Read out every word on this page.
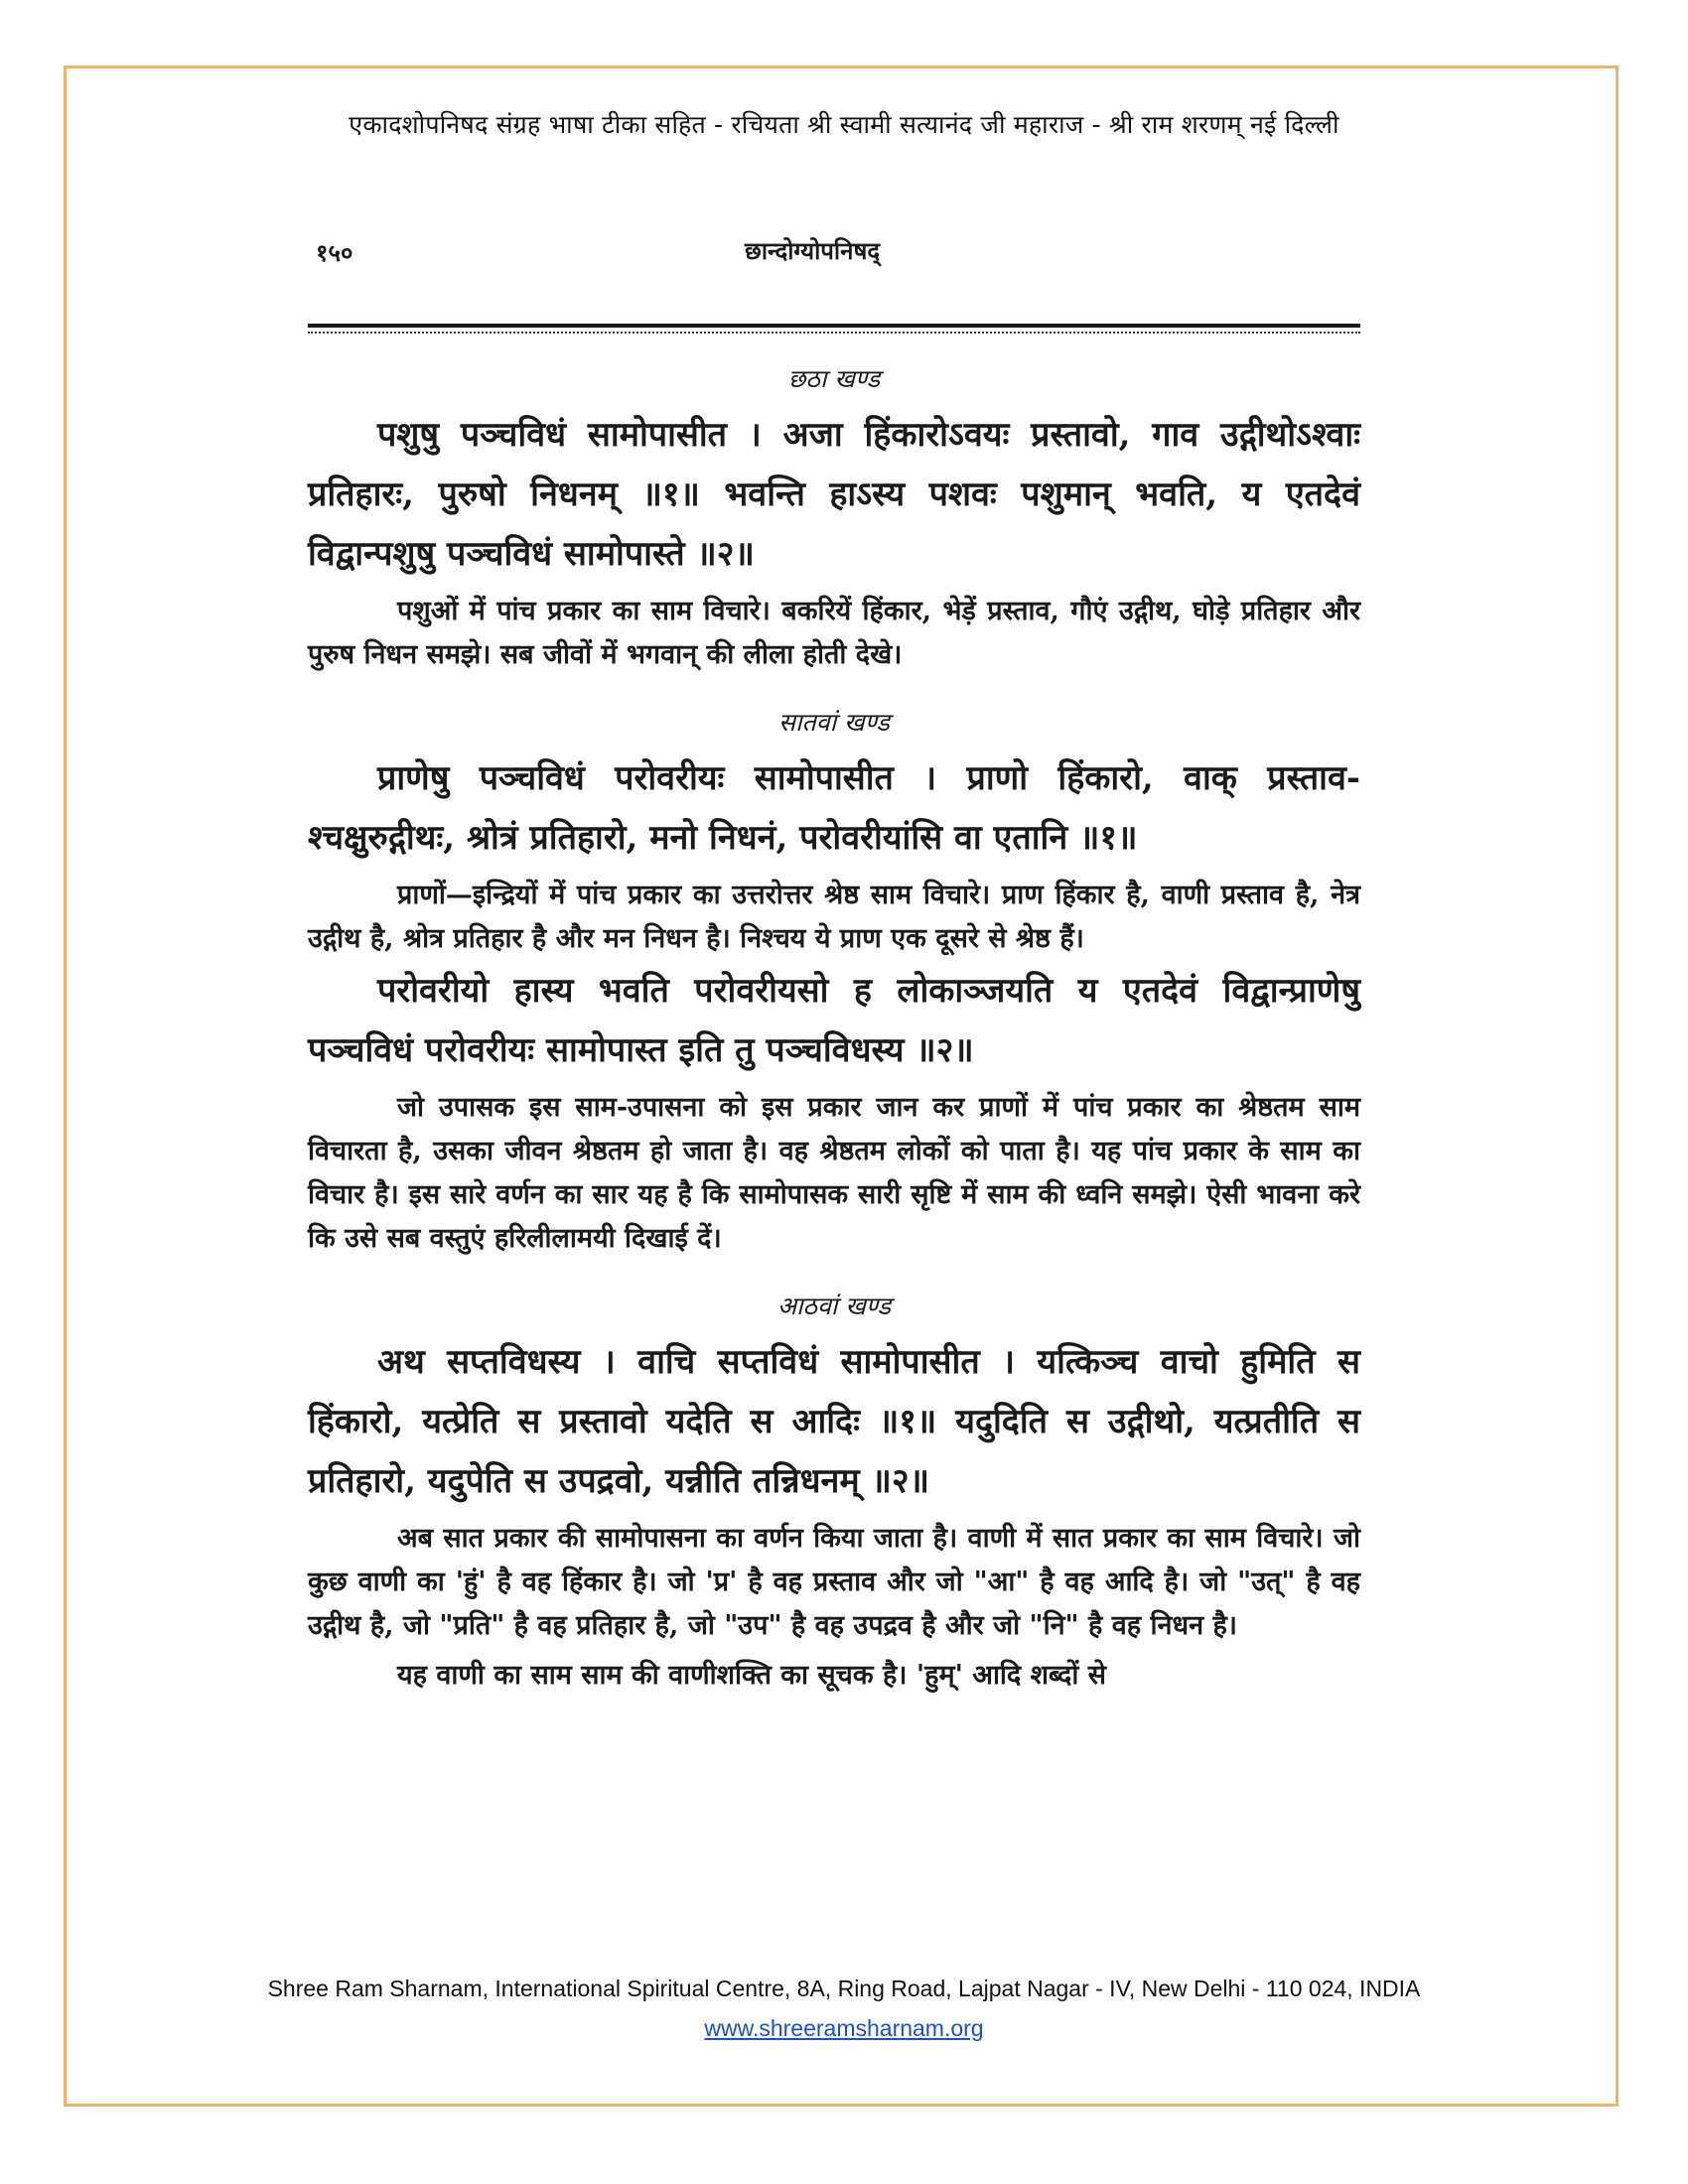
एकादशोपनिषद संग्रह भाषा टीका सहित - रचियता श्री स्वामी सत्यानंद जी महाराज - श्री राम शरणम् नई दिल्ली
१५०	छान्दोग्योपनिषद्
छठा खण्ड
पशुषु पञ्चविधं सामोपासीत । अजा हिंकारोऽवयः प्रस्तावो, गाव उद्गीथोऽश्वाः प्रतिहारः, पुरुषो निधनम् ॥१॥ भवन्ति हाऽस्य पशवः पशुमान् भवति, य एतदेवं विद्वान्पशुषु पञ्चविधं सामोपास्ते ॥२॥
पशुओं में पांच प्रकार का साम विचारे। बकरियें हिंकार, भेड़ें प्रस्ताव, गौएं उद्गीथ, घोड़े प्रतिहार और पुरुष निधन समझे। सब जीवों में भगवान् की लीला होती देखे।
सातवां खण्ड
प्राणेषु पञ्चविधं परोवरीयः सामोपासीत । प्राणो हिंकारो, वाक् प्रस्ताव-श्चक्षुरुद्गीथः, श्रोत्रं प्रतिहारो, मनो निधनं, परोवरीयांसि वा एतानि ॥१॥
प्राणों—इन्द्रियों में पांच प्रकार का उत्तरोत्तर श्रेष्ठ साम विचारे। प्राण हिंकार है, वाणी प्रस्ताव है, नेत्र उद्गीथ है, श्रोत्र प्रतिहार है और मन निधन है। निश्चय ये प्राण एक दूसरे से श्रेष्ठ हैं।
परोवरीयो हास्य भवति परोवरीयसो ह लोकाञ्जयति य एतदेवं विद्वान्प्राणेषु पञ्चविधं परोवरीयः सामोपास्त इति तु पञ्चविधस्य ॥२॥
जो उपासक इस साम-उपासना को इस प्रकार जान कर प्राणों में पांच प्रकार का श्रेष्ठतम साम विचारता है, उसका जीवन श्रेष्ठतम हो जाता है। वह श्रेष्ठतम लोकों को पाता है। यह पांच प्रकार के साम का विचार है। इस सारे वर्णन का सार यह है कि सामोपासक सारी सृष्टि में साम की ध्वनि समझे। ऐसी भावना करे कि उसे सब वस्तुएं हरिलीलामयी दिखाई दें।
आठवां खण्ड
अथ सप्तविधस्य । वाचि सप्तविधं सामोपासीत । यत्किञ्च वाचो हुमिति स हिंकारो, यत्प्रेति स प्रस्तावो यदेति स आदिः ॥१॥ यदुदिति स उद्गीथो, यत्प्रतीति स प्रतिहारो, यदुपेति स उपद्रवो, यन्नीति तन्निधनम् ॥२॥
अब सात प्रकार की सामोपासना का वर्णन किया जाता है। वाणी में सात प्रकार का साम विचारे। जो कुछ वाणी का 'हुं' है वह हिंकार है। जो 'प्र' है वह प्रस्ताव और जो "आ" है वह आदि है। जो "उत्" है वह उद्गीथ है, जो "प्रति" है वह प्रतिहार है, जो "उप" है वह उपद्रव है और जो "नि" है वह निधन है।
यह वाणी का साम साम की वाणीशक्ति का सूचक है। 'हुम्' आदि शब्दों से
Shree Ram Sharnam, International Spiritual Centre, 8A, Ring Road, Lajpat Nagar - IV, New Delhi - 110 024, INDIA
www.shreeramsharnam.org
